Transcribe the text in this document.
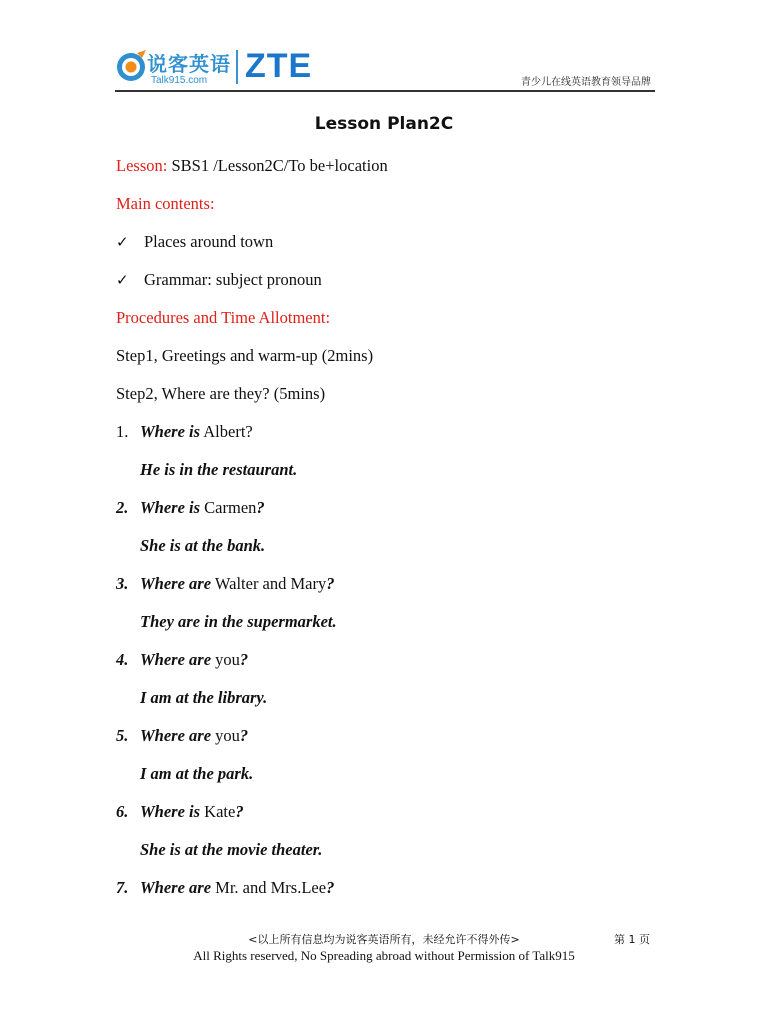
说客英语
Talk915.com ZTE	青少儿在线英语教育领导品牌
Lesson Plan2C
Lesson: SBS1 /Lesson2C/To be+location
Main contents:
✓ Places around town
✓ Grammar: subject pronoun
Procedures and Time Allotment:
Step1, Greetings and warm-up (2mins)
Step2, Where are they? (5mins)
1. Where is Albert?
He is in the restaurant.
2. Where is Carmen?
She is at the bank.
3. Where are Walter and Mary?
They are in the supermarket.
4. Where are you?
I am at the library.
5. Where are you?
I am at the park.
6. Where is Kate?
She is at the movie theater.
7. Where are Mr. and Mrs.Lee?
<以上所有信息均为说客英语所有，未经允许不得外传>	第 1 页
All Rights reserved, No Spreading abroad without Permission of Talk915
